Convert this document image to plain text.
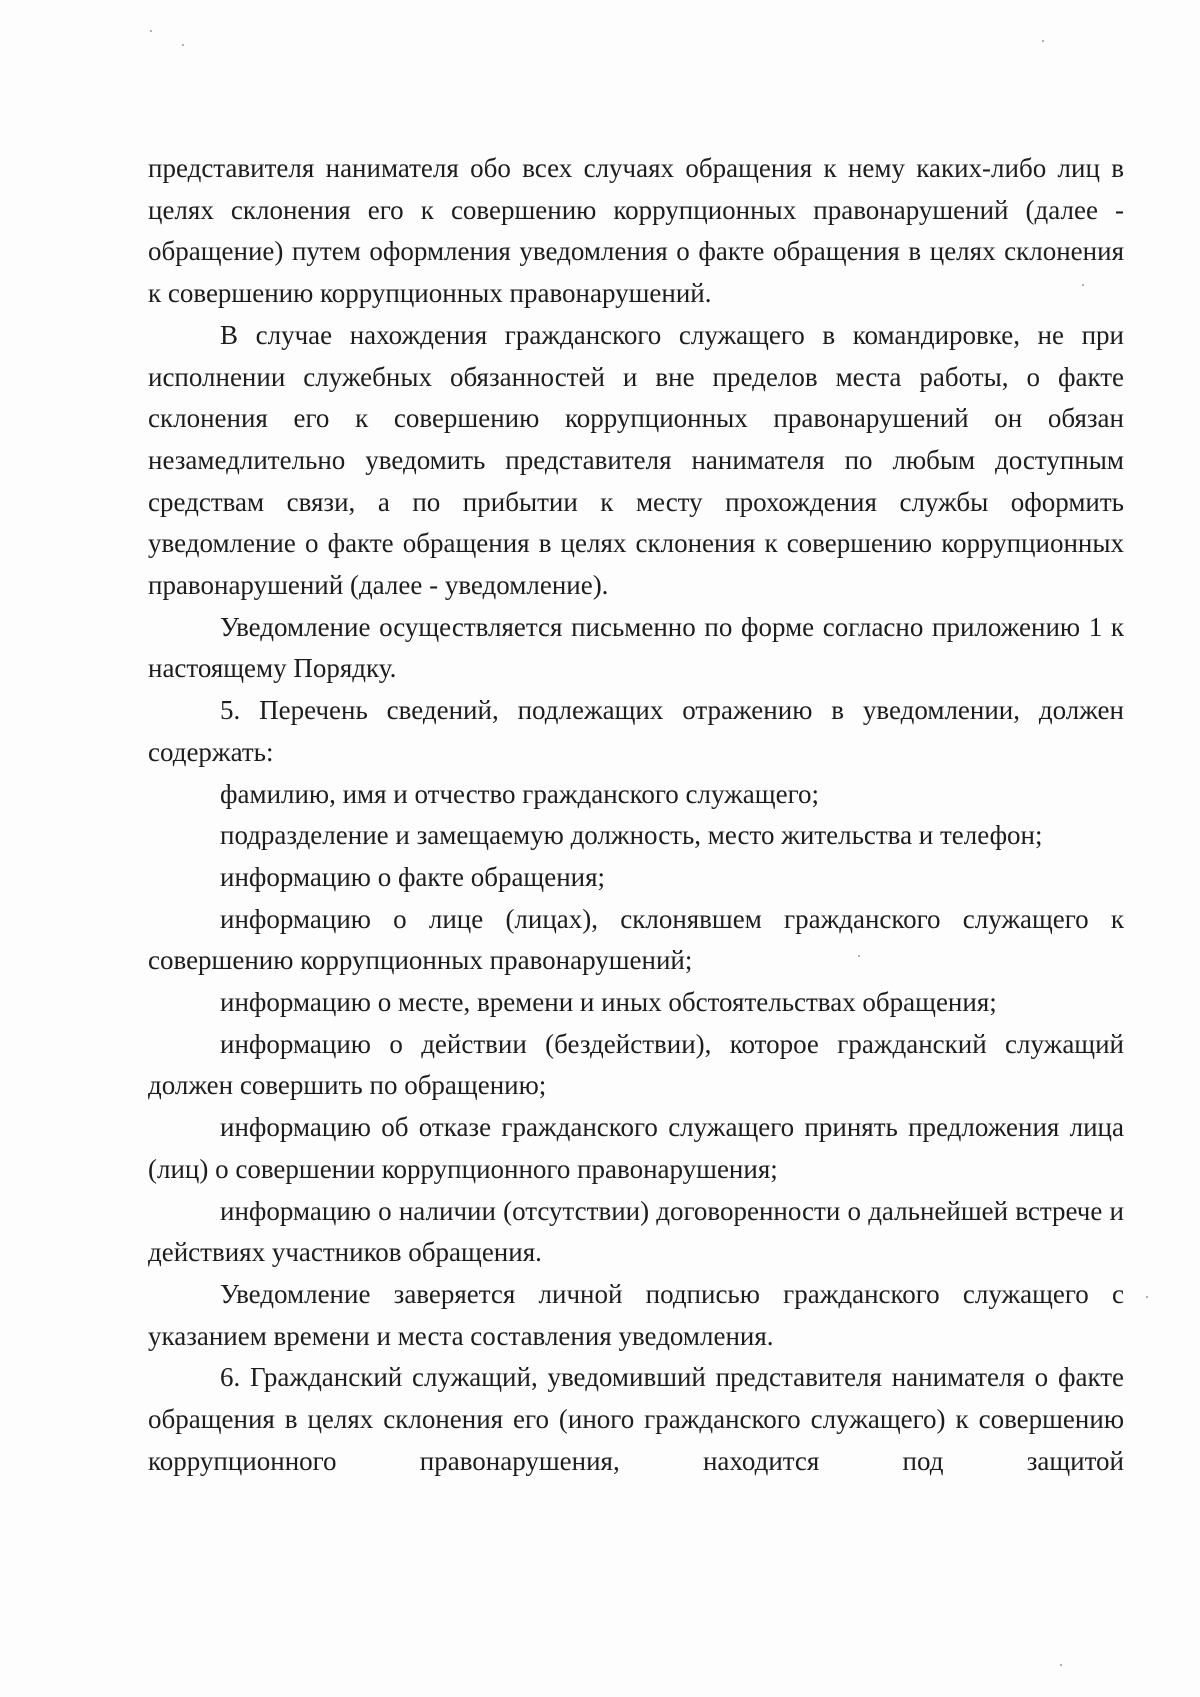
представителя нанимателя обо всех случаях обращения к нему каких-либо лиц в целях склонения его к совершению коррупционных правонарушений (далее - обращение) путем оформления уведомления о факте обращения в целях склонения к совершению коррупционных правонарушений.

В случае нахождения гражданского служащего в командировке, не при исполнении служебных обязанностей и вне пределов места работы, о факте склонения его к совершению коррупционных правонарушений он обязан незамедлительно уведомить представителя нанимателя по любым доступным средствам связи, а по прибытии к месту прохождения службы оформить уведомление о факте обращения в целях склонения к совершению коррупционных правонарушений (далее - уведомление).

Уведомление осуществляется письменно по форме согласно приложению 1 к настоящему Порядку.

5. Перечень сведений, подлежащих отражению в уведомлении, должен содержать:

фамилию, имя и отчество гражданского служащего;

подразделение и замещаемую должность, место жительства и телефон;

информацию о факте обращения;

информацию о лице (лицах), склонявшем гражданского служащего к совершению коррупционных правонарушений;

информацию о месте, времени и иных обстоятельствах обращения;

информацию о действии (бездействии), которое гражданский служащий должен совершить по обращению;

информацию об отказе гражданского служащего принять предложения лица (лиц) о совершении коррупционного правонарушения;

информацию о наличии (отсутствии) договоренности о дальнейшей встрече и действиях участников обращения.

Уведомление заверяется личной подписью гражданского служащего с указанием времени и места составления уведомления.

6. Гражданский служащий, уведомивший представителя нанимателя о факте обращения в целях склонения его (иного гражданского служащего) к совершению коррупционного правонарушения, находится под защитой
